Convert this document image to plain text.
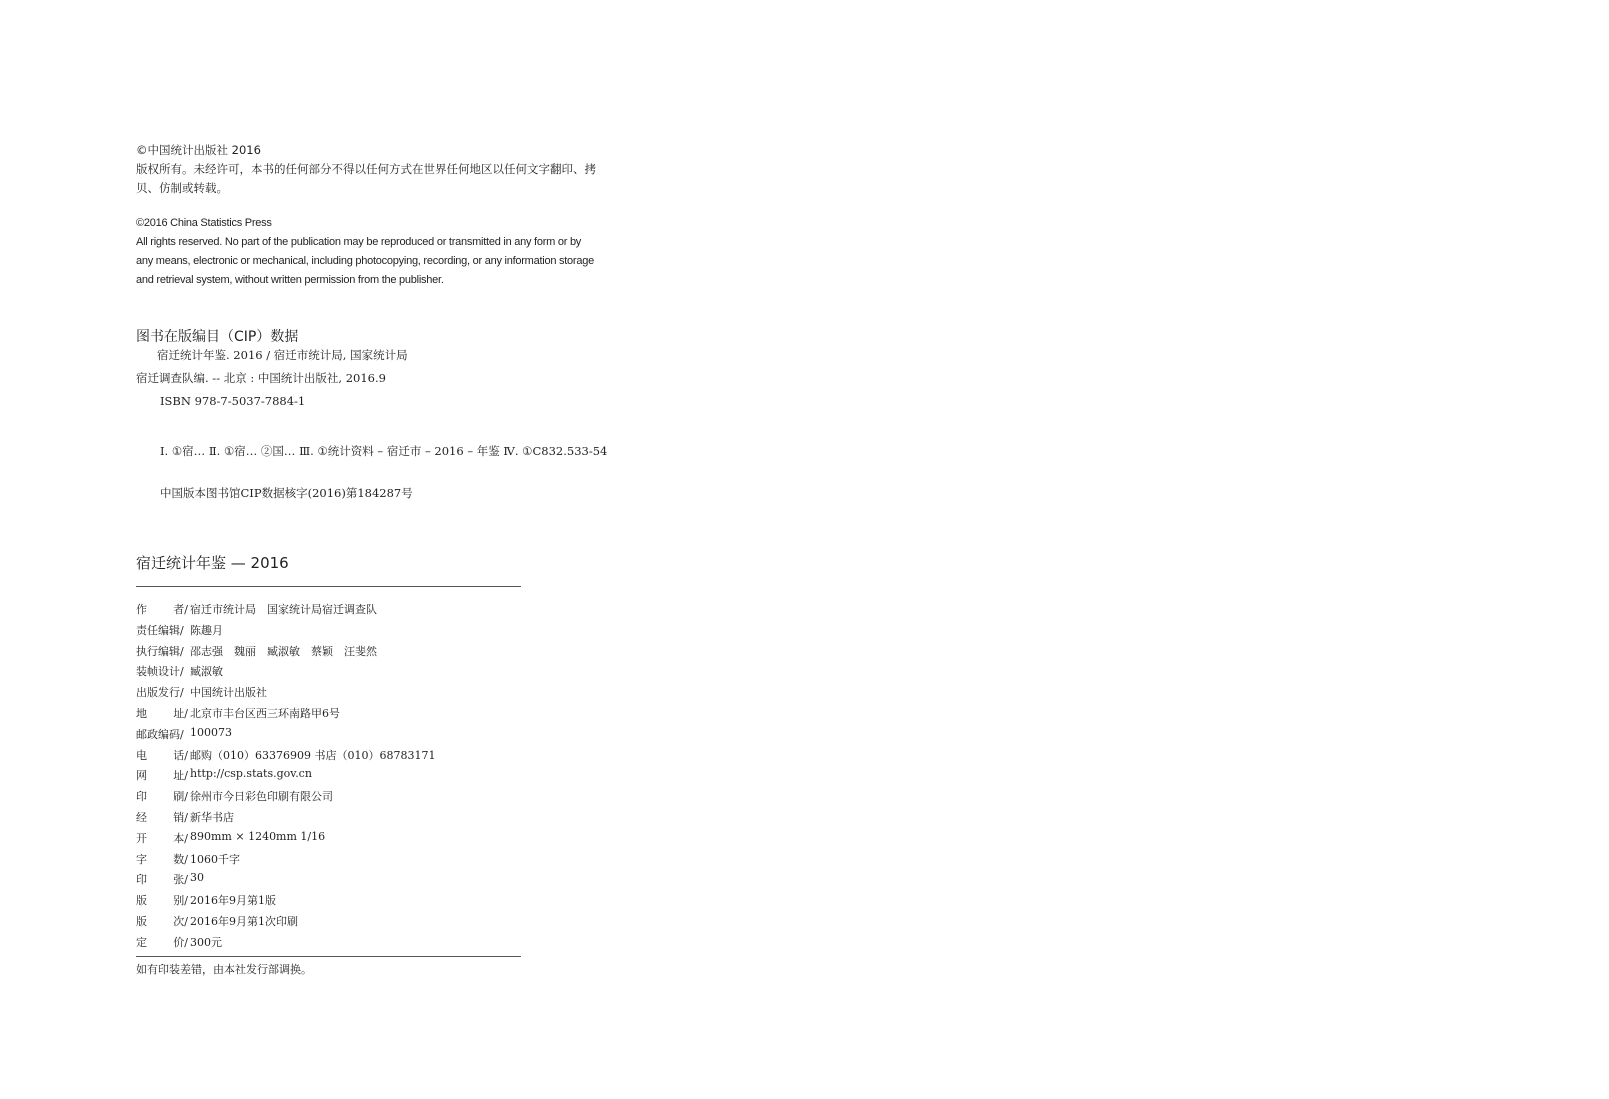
©中国统计出版社 2016

版权所有。未经许可，本书的任何部分不得以任何方式在世界任何地区以任何文字翻印、拷

贝、仿制或转载。

©2016 China Statistics Press

All rights reserved. No part of the publication may be reproduced or transmitted in any form or by

any means, electronic or mechanical, including photocopying, recording, or any information storage

and retrieval system, without written permission from the publisher.

图书在版编目（CIP）数据
宿迁统计年鉴. 2016 / 宿迁市统计局, 国家统计局
宿迁调查队编. -- 北京 : 中国统计出版社, 2016.9
ISBN 978-7-5037-7884-1
Ⅰ. ①宿… Ⅱ. ①宿… ②国… Ⅲ. ①统计资料 – 宿迁市 – 2016 – 年鉴 Ⅳ. ①C832.533-54
中国版本图书馆CIP数据核字(2016)第184287号
宿迁统计年鉴 — 2016
作 者/ 宿迁市统计局　国家统计局宿迁调查队
责任编辑/ 陈趣月
执行编辑/ 邵志强　魏丽　臧淑敏　蔡颖　汪斐然
装帧设计/ 臧淑敏
出版发行/ 中国统计出版社
地 址/ 北京市丰台区西三环南路甲6号
邮政编码/ 100073
电 话/ 邮购（010）63376909 书店（010）68783171
网 址/ http://csp.stats.gov.cn
印 刷/ 徐州市今日彩色印刷有限公司
经 销/ 新华书店
开 本/ 890mm × 1240mm 1/16
字 数/ 1060千字
印 张/ 30
版 别/ 2016年9月第1版
版 次/ 2016年9月第1次印刷
定 价/ 300元
如有印装差错，由本社发行部调换。
